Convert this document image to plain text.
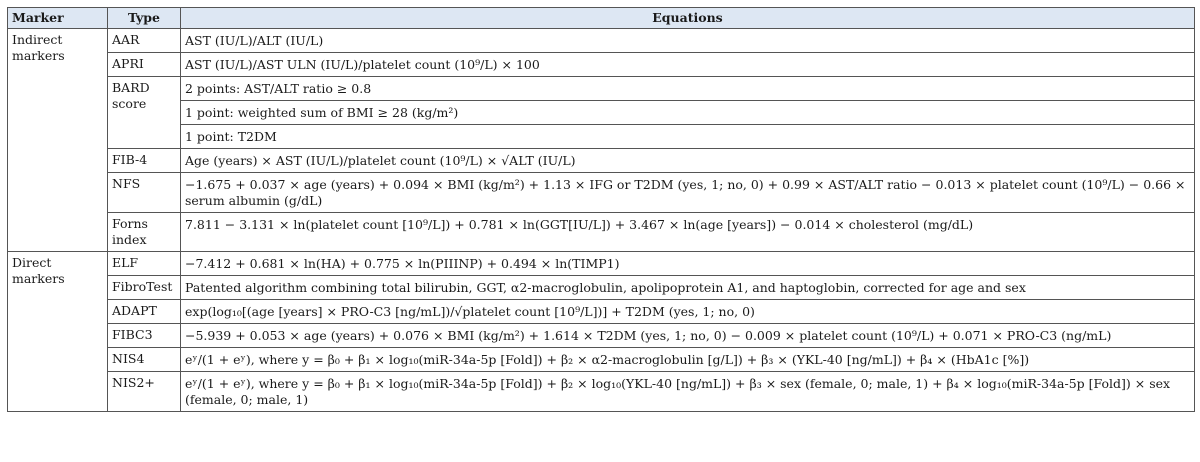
Marker	Type	Equations
Indirect markers	AAR	AST (IU/L)/ALT (IU/L)
	APRI	AST (IU/L)/AST ULN (IU/L)/platelet count (10⁹/L) × 100
	BARD score	2 points: AST/ALT ratio ≥ 0.8
		1 point: weighted sum of BMI ≥ 28 (kg/m²)
		1 point: T2DM
	FIB-4	Age (years) × AST (IU/L)/platelet count (10⁹/L) × √ALT (IU/L)
	NFS	−1.675 + 0.037 × age (years) + 0.094 × BMI (kg/m²) + 1.13 × IFG or T2DM (yes, 1; no, 0) + 0.99 × AST/ALT ratio − 0.013 × platelet count (10⁹/L) − 0.66 × serum albumin (g/dL)
	Forns index	7.811 − 3.131 × ln(platelet count [10⁹/L]) + 0.781 × ln(GGT[IU/L]) + 3.467 × ln(age [years]) − 0.014 × cholesterol (mg/dL)
Direct markers	ELF	−7.412 + 0.681 × ln(HA) + 0.775 × ln(PIIINP) + 0.494 × ln(TIMP1)
	FibroTest	Patented algorithm combining total bilirubin, GGT, α2-macroglobulin, apolipoprotein A1, and haptoglobin, corrected for age and sex
	ADAPT	exp(log₁₀[(age [years] × PRO-C3 [ng/mL])/√platelet count [10⁹/L])] + T2DM (yes, 1; no, 0)
	FIBC3	−5.939 + 0.053 × age (years) + 0.076 × BMI (kg/m²) + 1.614 × T2DM (yes, 1; no, 0) − 0.009 × platelet count (10⁹/L) + 0.071 × PRO-C3 (ng/mL)
	NIS4	eʸ/(1 + eʸ), where y = β₀ + β₁ × log₁₀(miR-34a-5p [Fold]) + β₂ × α2-macroglobulin [g/L]) + β₃ × (YKL-40 [ng/mL]) + β₄ × (HbA1c [%])
	NIS2+	eʸ/(1 + eʸ), where y = β₀ + β₁ × log₁₀(miR-34a-5p [Fold]) + β₂ × log₁₀(YKL-40 [ng/mL]) + β₃ × sex (female, 0; male, 1) + β₄ × log₁₀(miR-34a-5p [Fold]) × sex (female, 0; male, 1)
